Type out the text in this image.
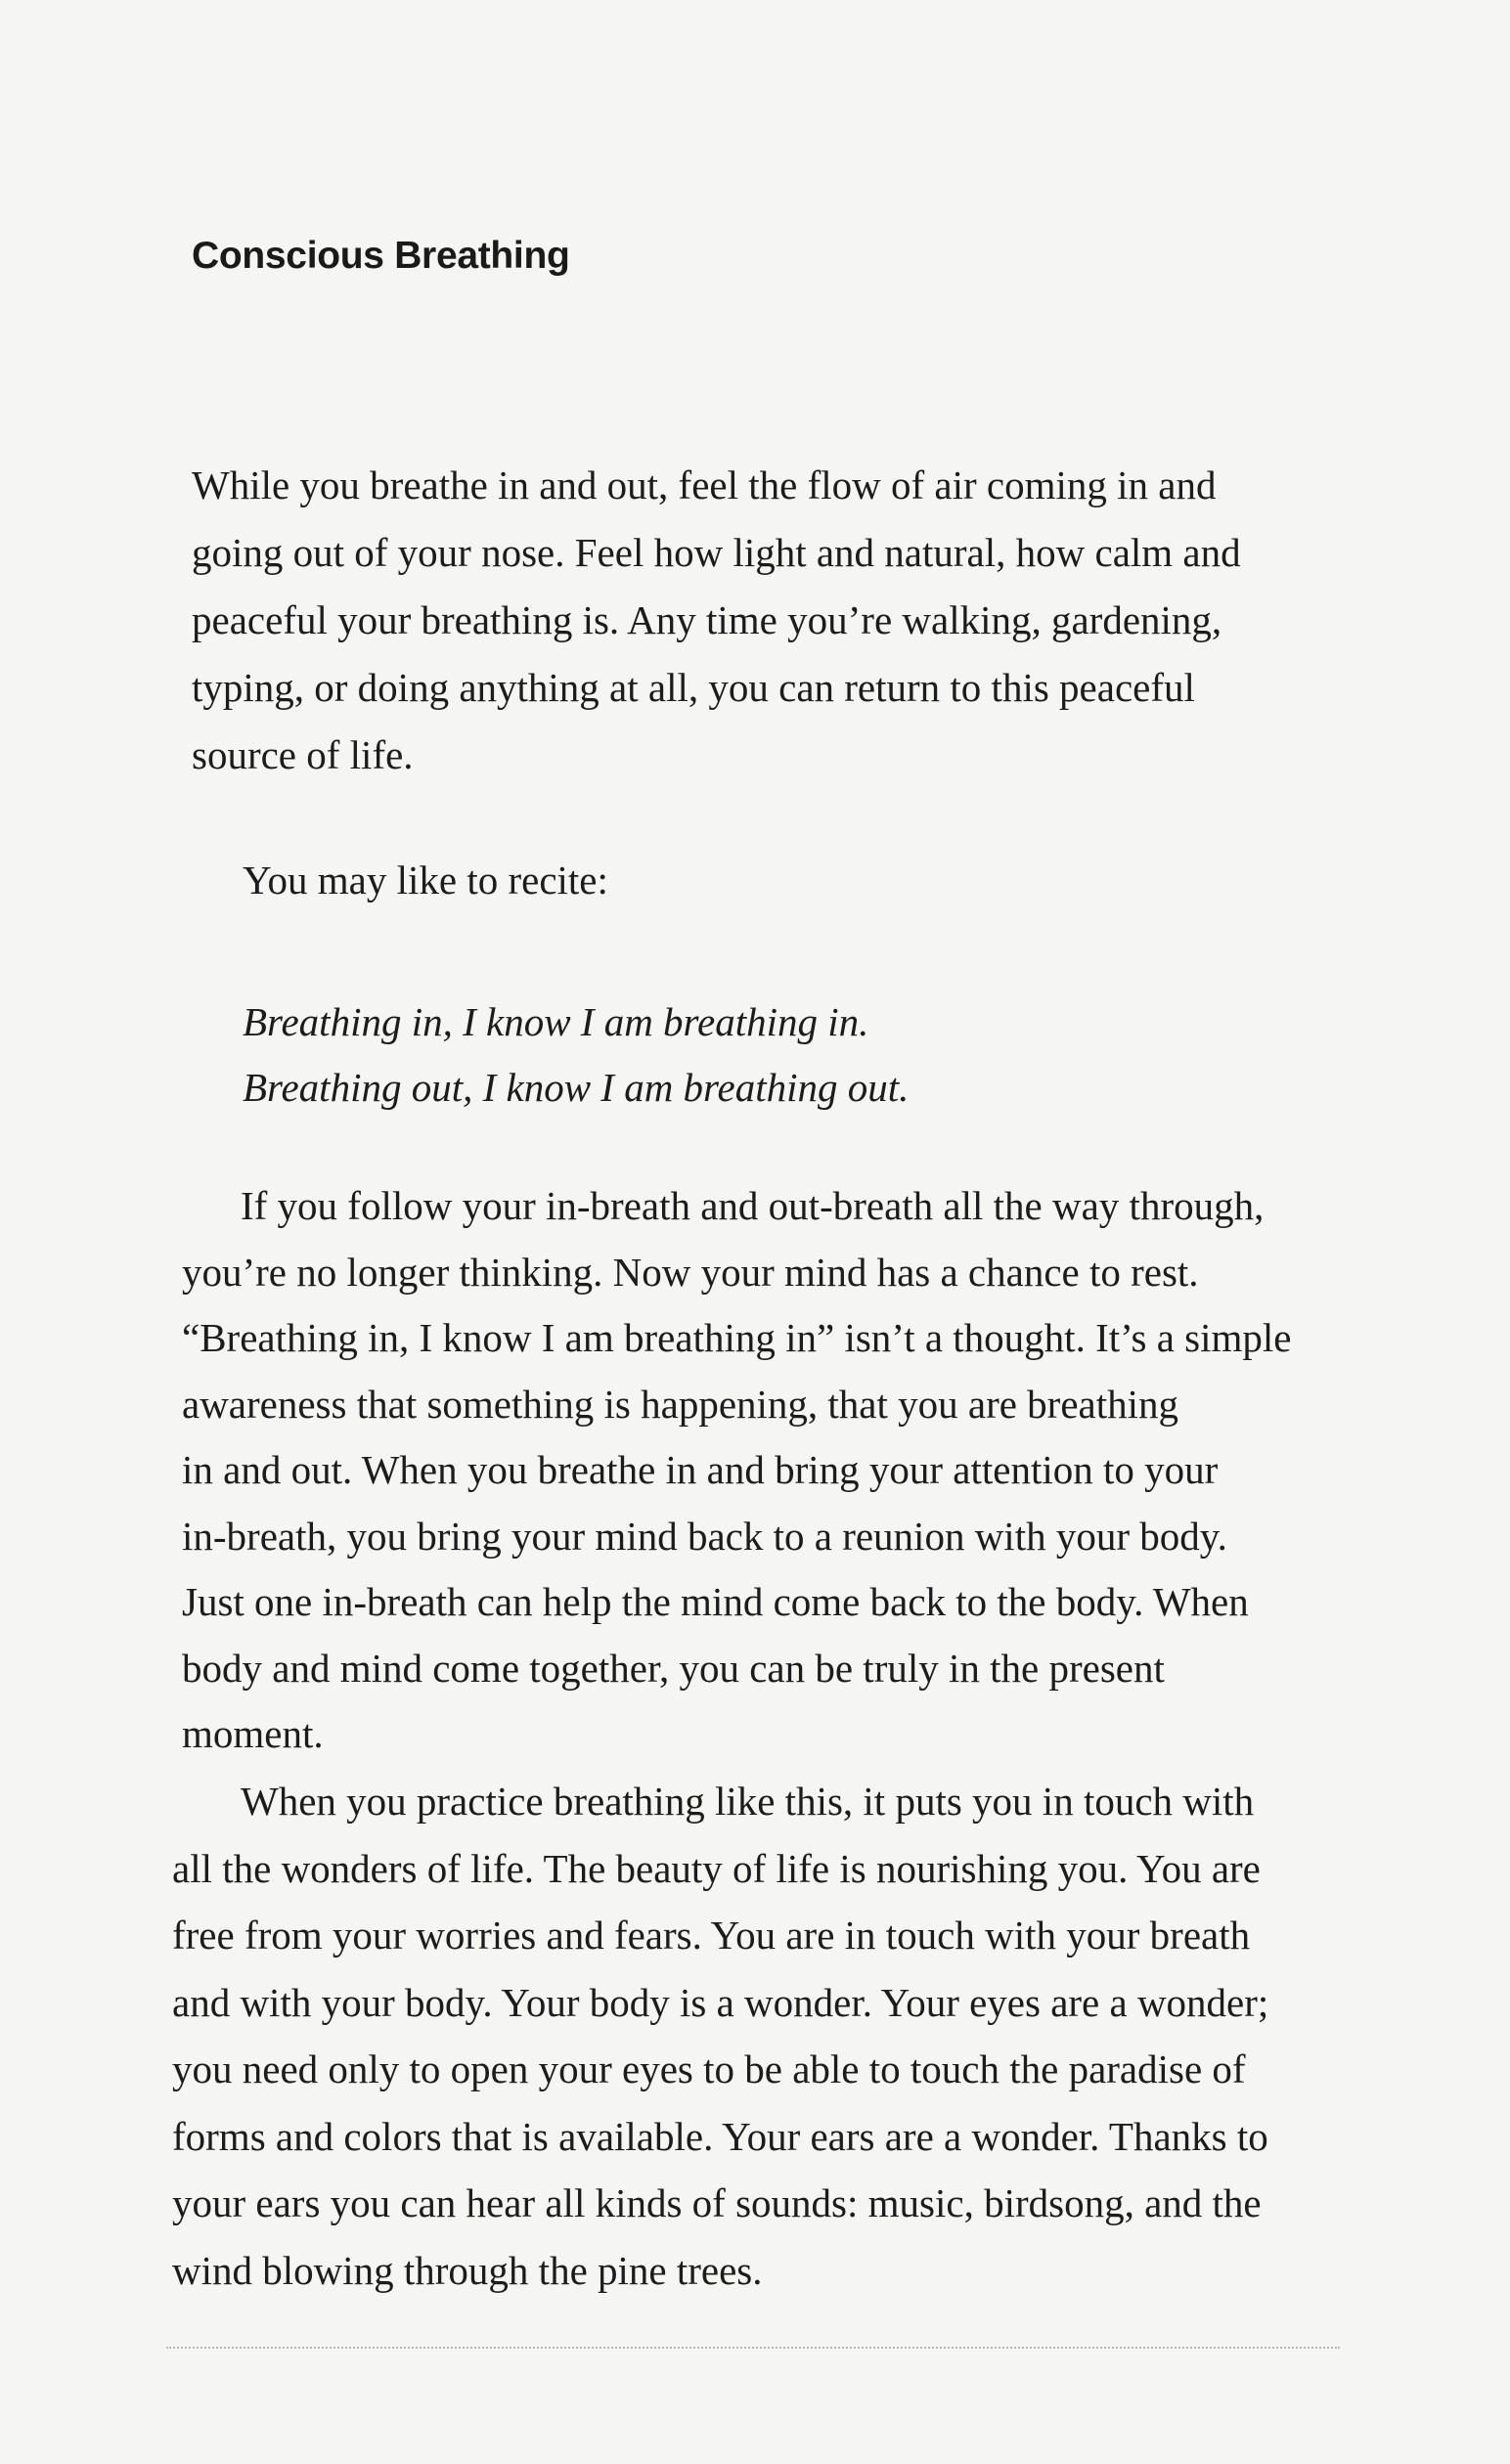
Conscious Breathing

While you breathe in and out, feel the flow of air coming in and
going out of your nose. Feel how light and natural, how calm and
peaceful your breathing is. Any time you’re walking, gardening,
typing, or doing anything at all, you can return to this peaceful
source of life.

You may like to recite:

Breathing in, I know I am breathing in.
Breathing out, I know I am breathing out.

If you follow your in-breath and out-breath all the way through,
you’re no longer thinking. Now your mind has a chance to rest.
“Breathing in, I know I am breathing in” isn’t a thought. It’s a simple
awareness that something is happening, that you are breathing
in and out. When you breathe in and bring your attention to your
in-breath, you bring your mind back to a reunion with your body.
Just one in-breath can help the mind come back to the body. When
body and mind come together, you can be truly in the present
moment.

When you practice breathing like this, it puts you in touch with
all the wonders of life. The beauty of life is nourishing you. You are
free from your worries and fears. You are in touch with your breath
and with your body. Your body is a wonder. Your eyes are a wonder;
you need only to open your eyes to be able to touch the paradise of
forms and colors that is available. Your ears are a wonder. Thanks to
your ears you can hear all kinds of sounds: music, birdsong, and the
wind blowing through the pine trees.
